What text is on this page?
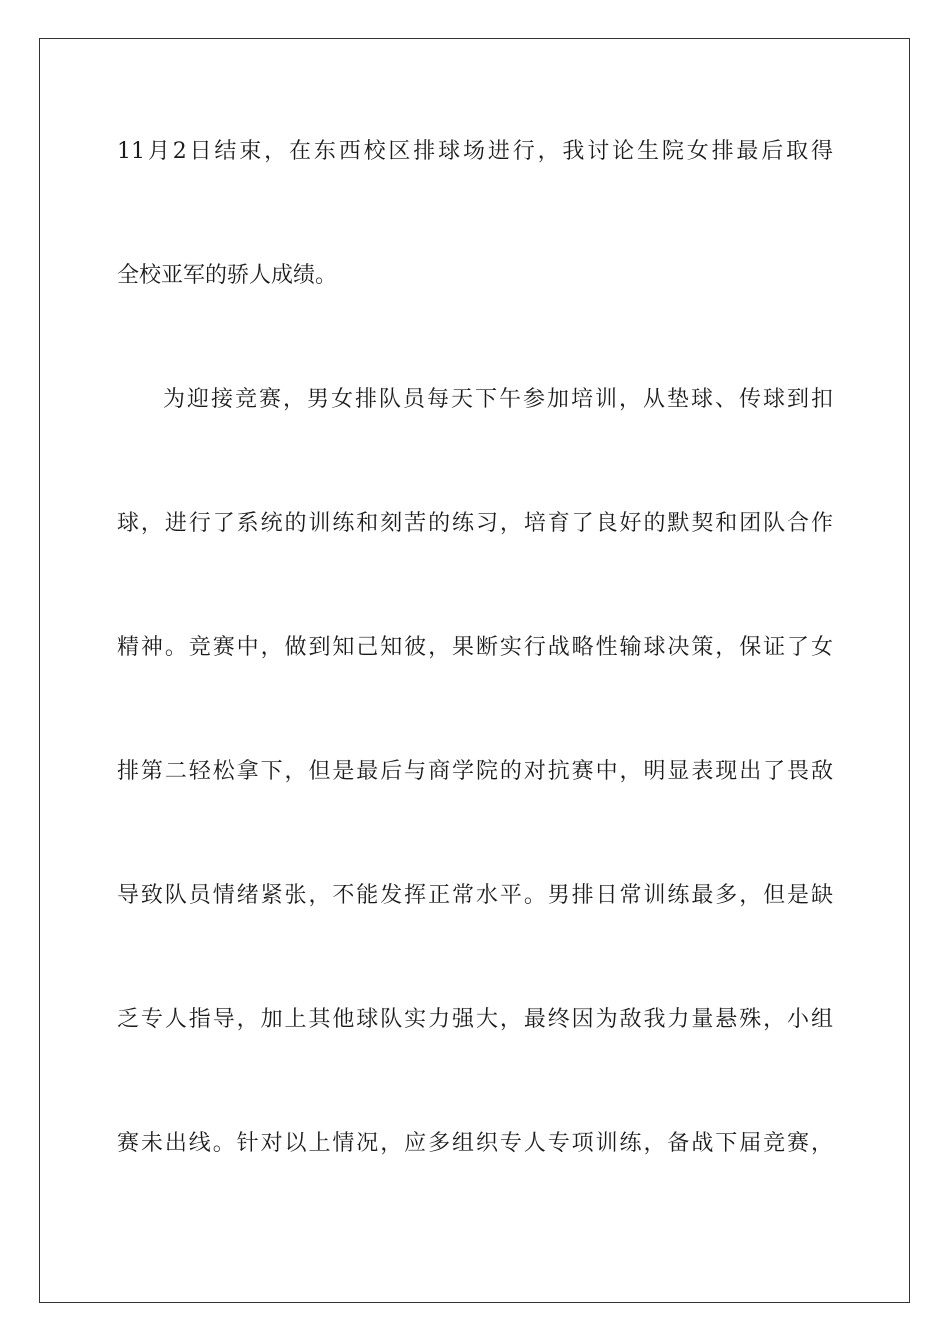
11月2日结束，在东西校区排球场进行，我讨论生院女排最后取得
全校亚军的骄人成绩。
为迎接竞赛，男女排队员每天下午参加培训，从垫球、传球到扣
球，进行了系统的训练和刻苦的练习，培育了良好的默契和团队合作
精神。竞赛中，做到知己知彼，果断实行战略性输球决策，保证了女
排第二轻松拿下，但是最后与商学院的对抗赛中，明显表现出了畏敌
导致队员情绪紧张，不能发挥正常水平。男排日常训练最多，但是缺
乏专人指导，加上其他球队实力强大，最终因为敌我力量悬殊，小组
赛未出线。针对以上情况，应多组织专人专项训练，备战下届竞赛，
